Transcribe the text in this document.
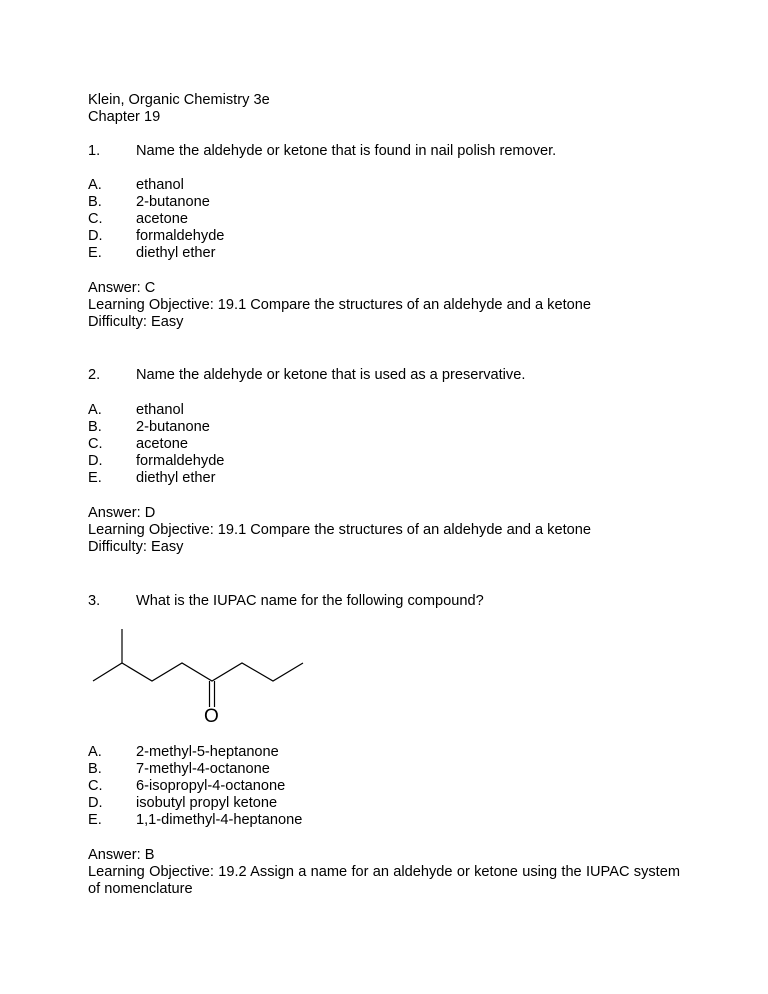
Klein, Organic Chemistry 3e
Chapter 19
1. Name the aldehyde or ketone that is found in nail polish remover.
A. ethanol
B. 2-butanone
C. acetone
D. formaldehyde
E. diethyl ether
Answer: C
Learning Objective: 19.1 Compare the structures of an aldehyde and a ketone
Difficulty: Easy
2. Name the aldehyde or ketone that is used as a preservative.
A. ethanol
B. 2-butanone
C. acetone
D. formaldehyde
E. diethyl ether
Answer: D
Learning Objective: 19.1 Compare the structures of an aldehyde and a ketone
Difficulty: Easy
3. What is the IUPAC name for the following compound?
O
A. 2-methyl-5-heptanone
B. 7-methyl-4-octanone
C. 6-isopropyl-4-octanone
D. isobutyl propyl ketone
E. 1,1-dimethyl-4-heptanone
Answer: B
Learning Objective: 19.2 Assign a name for an aldehyde or ketone using the IUPAC system of nomenclature
